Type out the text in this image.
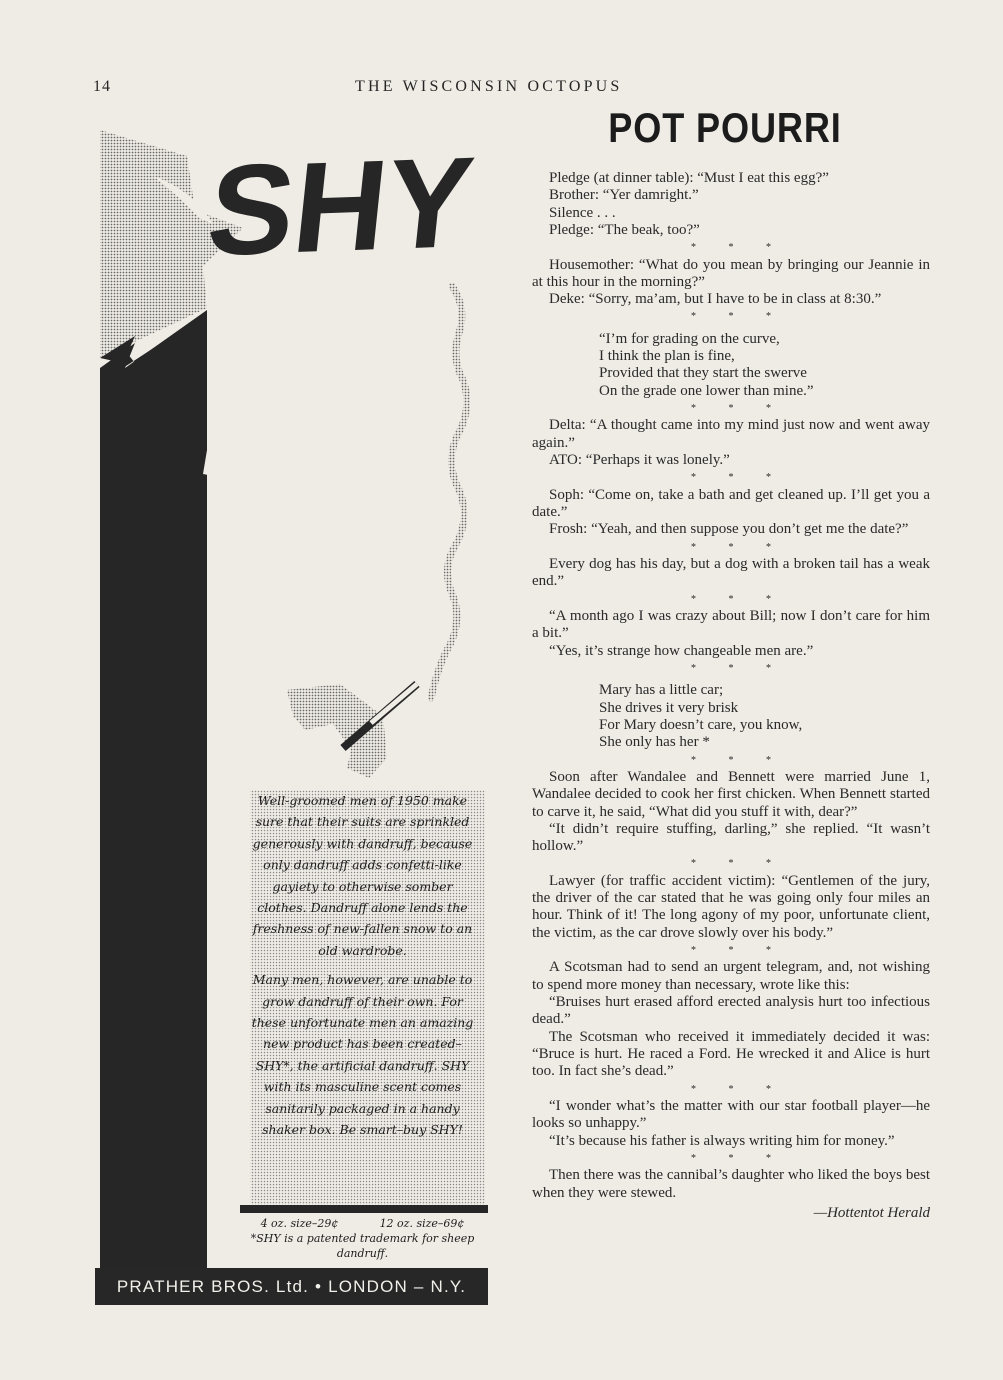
14	THE WISCONSIN OCTOPUS
SHY

Well-groomed men of 1950 make sure that their suits are sprinkled generously with dandruff, because only dandruff adds confetti-like gayiety to otherwise somber clothes. Dandruff alone lends the freshness of new-fallen snow to an old wardrobe.

Many men, however, are unable to grow dandruff of their own. For these unfortunate men an amazing new product has been created– SHY*, the artificial dandruff. SHY with its masculine scent comes sanitarily packaged in a handy shaker box. Be smart–buy SHY!

4 oz. size–29¢	12 oz. size–69¢

*SHY is a patented trademark for sheep dandruff.

PRATHER BROS. Ltd. • LONDON – N.Y.
POT POURRI

Pledge (at dinner table): “Must I eat this egg?”

Brother: “Yer damright.”

Silence . . .

Pledge: “The beak, too?”

* * *

Housemother: “What do you mean by bringing our Jeannie in at this hour in the morning?”

Deke: “Sorry, ma’am, but I have to be in class at 8:30.”

* * *
“I’m for grading on the curve,
I think the plan is fine,
Provided that they start the swerve
On the grade one lower than mine.”
* * *

Delta: “A thought came into my mind just now and went away again.”

ATO: “Perhaps it was lonely.”

* * *

Soph: “Come on, take a bath and get cleaned up. I’ll get you a date.”

Frosh: “Yeah, and then suppose you don’t get me the date?”

* * *

Every dog has his day, but a dog with a broken tail has a weak end.”

* * *

“A month ago I was crazy about Bill; now I don’t care for him a bit.”

“Yes, it’s strange how changeable men are.”

* * *
Mary has a little car;
She drives it very brisk
For Mary doesn’t care, you know,
She only has her *
* * *

Soon after Wandalee and Bennett were married June 1, Wandalee decided to cook her first chicken. When Bennett started to carve it, he said, “What did you stuff it with, dear?”

“It didn’t require stuffing, darling,” she replied. “It wasn’t hollow.”

* * *

Lawyer (for traffic accident victim): “Gentlemen of the jury, the driver of the car stated that he was going only four miles an hour. Think of it! The long agony of my poor, unfortunate client, the victim, as the car drove slowly over his body.”

* * *

A Scotsman had to send an urgent telegram, and, not wishing to spend more money than necessary, wrote like this:

“Bruises hurt erased afford erected analysis hurt too infectious dead.”

The Scotsman who received it immediately decided it was: “Bruce is hurt. He raced a Ford. He wrecked it and Alice is hurt too. In fact she’s dead.”

* * *

“I wonder what’s the matter with our star football player—he looks so unhappy.”

“It’s because his father is always writing him for money.”

* * *

Then there was the cannibal’s daughter who liked the boys best when they were stewed.

—Hottentot Herald
